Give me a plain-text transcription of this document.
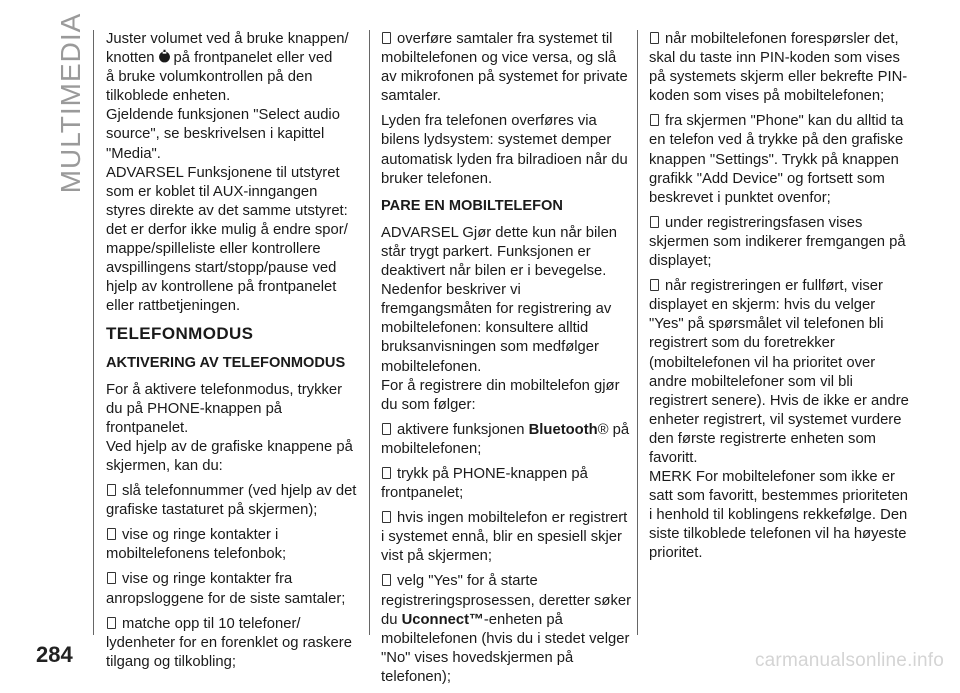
MULTIMEDIA Juster volumet ved å bruke knappen/
knotten på frontpanelet eller ved
å bruke volumkontrollen på den
tilkoblede enheten.

Gjeldende funksjonen "Select audio source", se beskrivelsen i kapittel "Media".

ADVARSEL Funksjonene til utstyret som er koblet til AUX-inngangen styres direkte av det samme utstyret: det er derfor ikke mulig å endre spor/ mappe/spilleliste eller kontrollere avspillingens start/stopp/pause ved hjelp av kontrollene på frontpanelet eller rattbetjeningen.

TELEFONMODUS
AKTIVERING AV TELEFONMODUS

For å aktivere telefonmodus, trykker du på PHONE-knappen på frontpanelet.

Ved hjelp av de grafiske knappene på skjermen, kan du:

slå telefonnummer (ved hjelp av det grafiske tastaturet på skjermen);

vise og ringe kontakter i mobiltelefonens telefonbok;

vise og ringe kontakter fra anropsloggene for de siste samtaler;

matche opp til 10 telefoner/ lydenheter for en forenklet og raskere tilgang og tilkobling;

overføre samtaler fra systemet til mobiltelefonen og vice versa, og slå av mikrofonen på systemet for private samtaler.

Lyden fra telefonen overføres via bilens lydsystem: systemet demper automatisk lyden fra bilradioen når du bruker telefonen.

PARE EN MOBILTELEFON

ADVARSEL Gjør dette kun når bilen står trygt parkert. Funksjonen er deaktivert når bilen er i bevegelse.

Nedenfor beskriver vi fremgangsmåten for registrering av mobiltelefonen: konsultere alltid bruksanvisningen som medfølger mobiltelefonen.

For å registrere din mobiltelefon gjør du som følger:

aktivere funksjonen Bluetooth® på mobiltelefonen;

trykk på PHONE-knappen på frontpanelet;

hvis ingen mobiltelefon er registrert i systemet ennå, blir en spesiell skjer vist på skjermen;

velg "Yes" for å starte registreringsprosessen, deretter søker du Uconnect™-enheten på mobiltelefonen (hvis du i stedet velger "No" vises hovedskjermen på telefonen);

når mobiltelefonen forespørsler det, skal du taste inn PIN-koden som vises på systemets skjerm eller bekrefte PIN-koden som vises på mobiltelefonen;

fra skjermen "Phone" kan du alltid ta en telefon ved å trykke på den grafiske knappen "Settings". Trykk på knappen grafikk "Add Device" og fortsett som beskrevet i punktet ovenfor;

under registreringsfasen vises skjermen som indikerer fremgangen på displayet;

når registreringen er fullført, viser displayet en skjerm: hvis du velger "Yes" på spørsmålet vil telefonen bli registrert som du foretrekker (mobiltelefonen vil ha prioritet over andre mobiltelefoner som vil bli registrert senere). Hvis de ikke er andre enheter registrert, vil systemet vurdere den første registrerte enheten som favoritt.

MERK For mobiltelefoner som ikke er satt som favoritt, bestemmes prioriteten i henhold til koblingens rekkefølge. Den siste tilkoblede telefonen vil ha høyeste prioritet.

284	carmanualsonline.info
